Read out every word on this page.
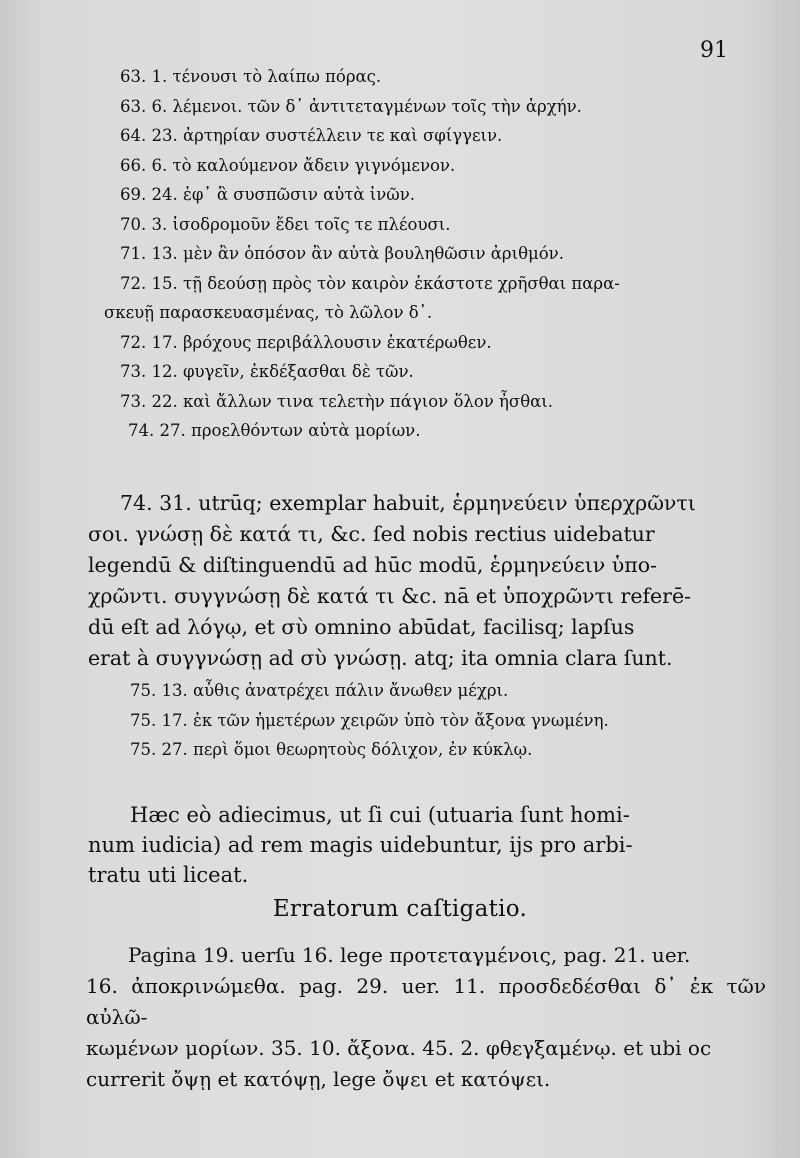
91
63. 1. τένουσι τὸ λαίπω πόρας.
63. 6. λέμενοι. τῶν δ᾽ ἀντιτεταγμένων τοῖς τὴν ἀρχήν.
64. 23. ἀρτηρίαν συστέλλειν τε καὶ σφίγγειν.
66. 6. τὸ καλούμενον ἄδειν γιγνόμενον.
69. 24. ἐφ᾽ ἃ συσπῶσιν αὐτὰ ἰνῶν.
70. 3. ἰσοδρομοῦν ἔδει τοῖς τε πλέουσι.
71. 13. μὲν ἂν ὁπόσον ἂν αὐτὰ βουληθῶσιν ἀριθμόν.
72. 15. τῇ δεούσῃ πρὸς τὸν καιρὸν ἑκάστοτε χρῆσθαι παρα-
σκευῇ παρασκευασμένας, τὸ λῶλον δ᾽.
72. 17. βρόχους περιβάλλουσιν ἑκατέρωθεν.
73. 12. φυγεῖν, ἐκδέξασθαι δὲ τῶν.
73. 22. καὶ ἄλλων τινα τελετὴν πάγιον ὅλον ἦσθαι.
74. 27. προελθόντων αὐτὰ μορίων.
74. 31. utrūq; exemplar habuit, ἑρμηνεύειν ὑπερχρῶντι
σοι. γνώσῃ δὲ κατά τι, &c. ſed nobis rectius uidebatur
legendū & diſtinguendū ad hūc modū, ἑρμηνεύειν ὑπο-
χρῶντι. συγγνώσῃ δὲ κατά τι &c. nā et ὑποχρῶντι referē-
dū eſt ad λόγῳ, et σὺ omnino abūdat, facilisq; lapſus
erat à συγγνώσῃ ad σὺ γνώσῃ. atq; ita omnia clara ſunt.
75. 13. αὖθις ἀνατρέχει πάλιν ἄνωθεν μέχρι.
75. 17. ἐκ τῶν ἡμετέρων χειρῶν ὑπὸ τὸν ἄξονα γνωμένη.
75. 27. περὶ ὅμοι θεωρητοὺς δόλιχον, ἐν κύκλῳ.
Hæc eò adiecimus, ut ſi cui (utuaria ſunt homi-
num iudicia) ad rem magis uidebuntur, ijs pro arbi-
tratu uti liceat.
Erratorum caſtigatio.
Pagina 19. uerſu 16. lege προτεταγμένοις, pag. 21. uer.
16. ἀποκρινώμεθα. pag. 29. uer. 11. προσδεδέσθαι δ᾽ ἐκ τῶν αὐλῶ-
κωμένων μορίων. 35. 10. ἄξονα. 45. 2. φθεγξαμένῳ. et ubi oc
currerit ὄψῃ et κατόψῃ, lege ὄψει et κατόψει.
